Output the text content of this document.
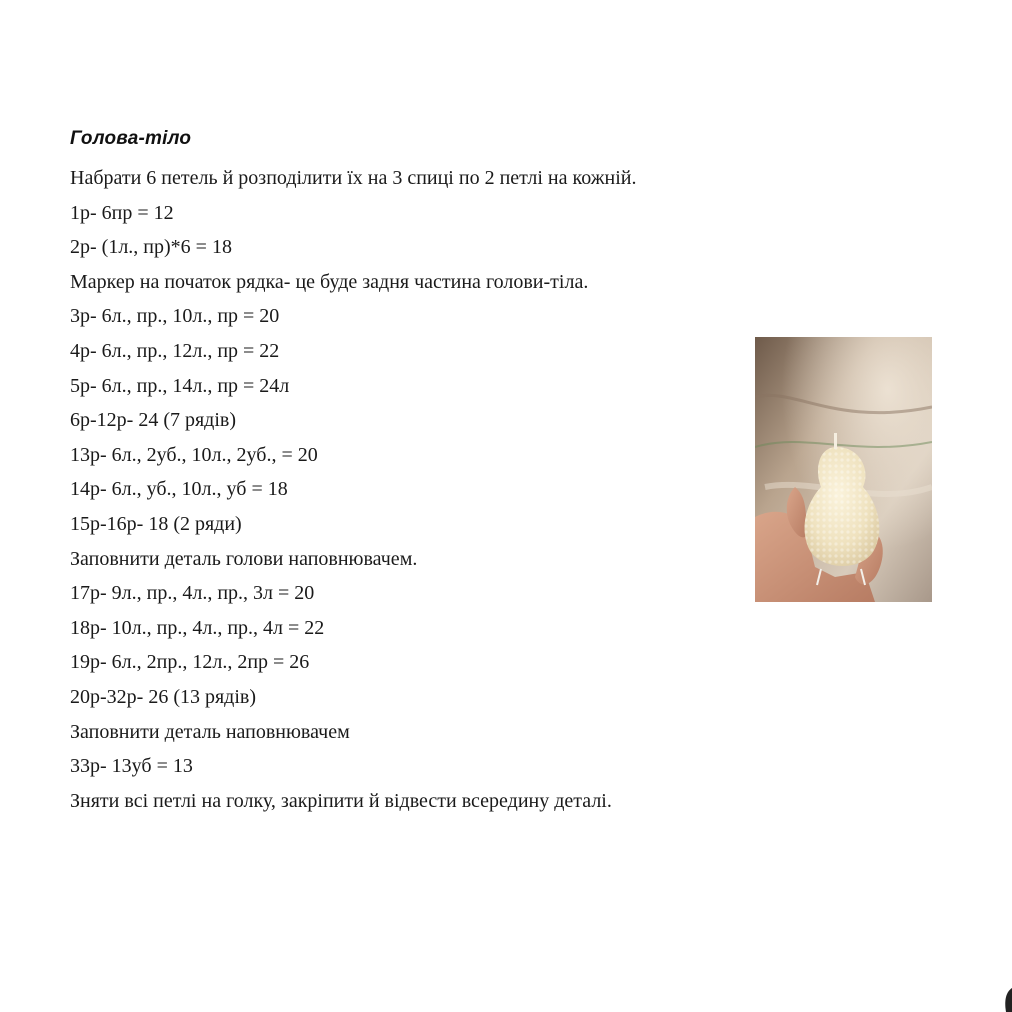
Голова-тіло
Набрати 6 петель й розподілити їх на 3 спиці по 2 петлі на кожній.
1р- 6пр = 12
2р- (1л., пр)*6 = 18
Маркер на початок рядка- це буде задня частина голови-тіла.
3р- 6л., пр., 10л., пр = 20
4р- 6л., пр., 12л., пр = 22
5р- 6л., пр., 14л., пр = 24л
6р-12р- 24 (7 рядів)
13р- 6л., 2уб., 10л., 2уб., = 20
14р- 6л., уб., 10л., уб = 18
15р-16р- 18 (2 ряди)
Заповнити деталь голови наповнювачем.
17р- 9л., пр., 4л., пр., 3л = 20
18р- 10л., пр., 4л., пр., 4л = 22
19р- 6л., 2пр., 12л., 2пр = 26
20р-32р- 26 (13 рядів)
Заповнити деталь наповнювачем
33р- 13уб = 13
Зняти всі петлі на голку, закріпити й відвести всередину деталі.
